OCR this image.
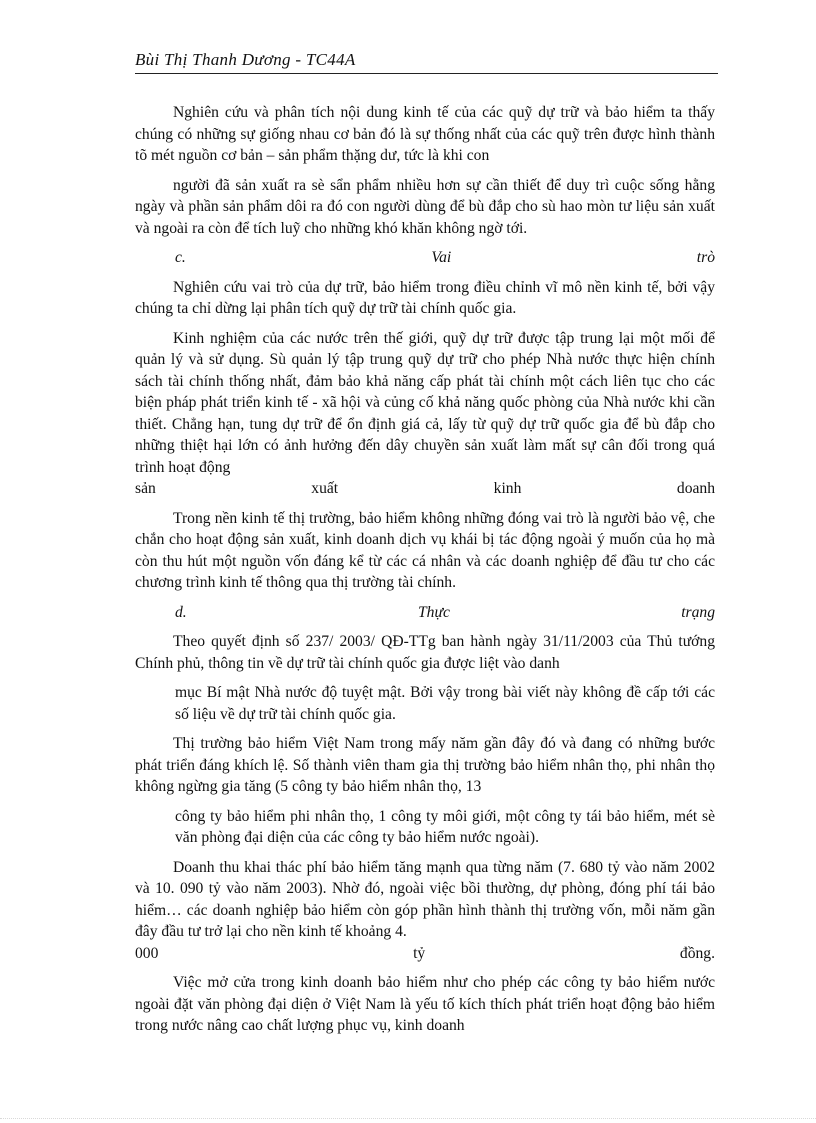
Bùi Thị Thanh Dương - TC44A

Nghiên cứu và phân tích nội dung kinh tế của các quỹ dự trữ và bảo hiểm ta thấy chúng có những sự giống nhau cơ bản đó là sự thống nhất của các quỹ trên được hình thành tõ mét nguồn cơ bản – sản phẩm thặng dư, tức là khi con

người đã sản xuất ra sè sẩn phẩm nhiều hơn sự cần thiết để duy trì cuộc sống hằng ngày và phần sản phẩm dôi ra đó con người dùng để bù đắp cho sù hao mòn tư liệu sản xuất và ngoài ra còn để tích luỹ cho những khó khăn không ngờ tới.

c.	Vai	trò

Nghiên cứu vai trò của dự trữ, bảo hiểm trong điều chỉnh vĩ mô nền kinh tế, bởi vậy chúng ta chỉ dừng lại phân tích quỹ dự trữ tài chính quốc gia.

Kinh nghiệm của các nước trên thế giới, quỹ dự trữ được tập trung lại một mối để quản lý và sử dụng. Sù quản lý tập trung quỹ dự trữ cho phép Nhà nước thực hiện chính sách tài chính thống nhất, đảm bảo khả năng cấp phát tài chính một cách liên tục cho các biện pháp phát triển kinh tế - xã hội và củng cố khả năng quốc phòng của Nhà nước khi cần thiết. Chẳng hạn, tung dự trữ để ổn định giá cả, lấy từ quỹ dự trữ quốc gia để bù đắp cho những thiệt hại lớn có ảnh hưởng đến dây chuyền sản xuất làm mất sự cân đối trong quá trình hoạt động

sản	xuất	kinh	doanh

Trong nền kinh tế thị trường, bảo hiểm không những đóng vai trò là người bảo vệ, che chắn cho hoạt động sản xuất, kinh doanh dịch vụ khái bị tác động ngoài ý muốn của họ mà còn thu hút một nguồn vốn đáng kể từ các cá nhân và các doanh nghiệp để đầu tư cho các chương trình kinh tế thông qua thị trường tài chính.

d.	Thực	trạng

Theo quyết định số 237/ 2003/ QĐ-TTg ban hành ngày 31/11/2003 của Thủ tướng Chính phủ, thông tin về dự trữ tài chính quốc gia được liệt vào danh

mục Bí mật Nhà nước độ tuyệt mật. Bởi vậy trong bài viết này không đề cấp tới các số liệu về dự trữ tài chính quốc gia.

Thị trường bảo hiểm Việt Nam trong mấy năm gần đây đó và đang có những bước phát triển đáng khích lệ. Số thành viên tham gia thị trường bảo hiểm nhân thọ, phi nhân thọ không ngừng gia tăng (5 công ty bảo hiểm nhân thọ, 13

công ty bảo hiểm phi nhân thọ, 1 công ty môi giới, một công ty tái bảo hiểm, mét sè văn phòng đại diện của các công ty bảo hiểm nước ngoài).

Doanh thu khai thác phí bảo hiểm tăng mạnh qua từng năm (7. 680 tỷ vào năm 2002 và 10. 090 tỷ vào năm 2003). Nhờ đó, ngoài việc bồi thường, dự phòng, đóng phí tái bảo hiểm… các doanh nghiệp bảo hiểm còn góp phần hình thành thị trường vốn, mỗi năm gần đây đầu tư trở lại cho nền kinh tế khoảng 4.

000	tỷ	đồng.

Việc mở cửa trong kinh doanh bảo hiểm như cho phép các công ty bảo hiểm nước ngoài đặt văn phòng đại diện ở Việt Nam là yếu tố kích thích phát triển hoạt động bảo hiểm trong nước nâng cao chất lượng phục vụ, kinh doanh
